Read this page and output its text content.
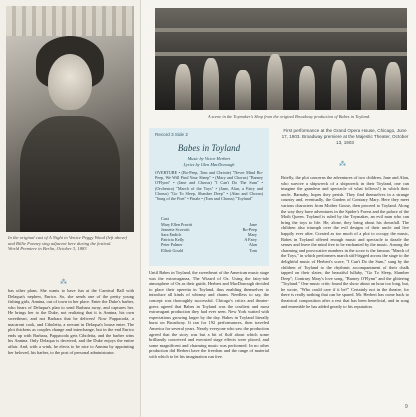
In the original cast of A Night in Venice Peggy Wood (left above) and Billie Fonney sing adjacent here during the festival.
World Premiere in Berlin, October 3, 1883
⁂
has other plans. She wants to have fun at the Carnival Ball with Delaqua's nephew, Enrico. So, she sends one of the pretty young fishing girls, Annina, out of town in her place. Enter the Duke's barber, who hears of Delaqua's plan to send Barbara away, and captures her. He brings her to the Duke, not realizing that it is Annina, his own sweetheart, and not Barbara that he delivers! Now Pappacoda, a macaroni cook, and Ciboletta, a servant in Delaqua's house enter. The plot thickens as couples change and interchange, but in the end Enrico ends up with Barbara, Pappacoda gets Ciboletta, and the barber wins his Annina. Only Delaqua is deceived, and the Duke enjoys the entire affair. And, with a wink, he elects to be nice to Annina by appointing her beloved, his barber, to the post of personal administrator.
A scene in the Toymaker's Shop from the original Broadway production of Babes in Toyland.
Record 3 Side 2
Babes in Toyland
Music by Victor Herbert
Lyrics by Glen MacDonough
OVERTURE • (Bo-Peep, Tom and Christie) "Never Mind Bo-Peep, We Will Find Your Sheep" • (Mary and Chorus) "Barney O'Flynn" • (Jane and Chorus) "I Can't Do The Sum" • (Orchestra) "March of the Toys" • (Jane, Alan, a Fairy and Chorus) "Go To Sleep, Slumber Deep" • (Alan and Chorus) "Song of the Poet" • Finale • (Tom and Chorus) "Toyland"
Cast
Mary Ellen Pravitt	Jane
Jeanette Scovotti	Bo-Peep
Sara Endich	Mary
Patricia Kelly	A Fairy
Peter Palmer	Alan
Elliott Gould	Tom
Until Babes in Toyland, the sweetheart of the American music stage was the extravaganza, The Wizard of Oz. Using the fairy-tale atmosphere of Oz as their guide, Herbert and MacDonough decided to place their operetta in Toyland, thus enabling themselves to introduce all kinds of whimsy and charm. Needless to say, the concept was thoroughly successful. Chicago's critics and theater-goers agreed that Babes in Toyland was the costliest and most extravagant production they had ever seen. New York waited with expectations growing larger by the day. Babes in Toyland literally burst on Broadway. It ran for 192 performances, then traveled America for several years. Nearly everyone who saw the production agreed that the story was but a bit of fluff about which some brilliantly conceived and executed stage effects were placed, and some magnificent and charming music was performed. In no other production did Herbert have the freedom and the range of material with which to let his imagination run free.
First performance at the Grand Opera House, Chicago, June 17, 1903. Broadway premiere at the Majestic Theater, October 13, 1903
⁂
Briefly, the plot concerns the adventures of two children, Jane and Alan, who survive a shipwreck of a shipwreck in their Toyland, one can imagine the grandeur and spectacle of what follows!) in which their uncle, Barnaby, hopes they perish. They find themselves in a strange country and, eventually, the Garden of Contrary Mary. Here they meet various characters from Mother Goose, then proceed to Toyland. Along the way they have adventures in the Spider's Forest and the palace of the Moth Queen. Toyland is ruled by the Toymaker, an evil man who can bring the toys to life. He, alone, they bring about his downfall. The children also triumph over the evil designs of their uncle and live happily ever after. Created as too much of a plot to occupy the music, Babes in Toyland offered enough music and spectacle to dazzle the senses and leave the mind free to be enchanted by the music. Among the charming and provocative numbers in the score is the famous "March of the Toys," in which performers march stiff-legged across the stage to the delightful music of Herbert's score, "I Can't Do the Sum," sung by the children of Toyland to the rhythmic accompaniment of their chalk tapped on their slates; the beautiful lullaby, "Go To Sleep, Slumber Deep"; Contrary Mary's love song, "Barney O'Flynn" and the glittering "Toyland." One music critic found the show about an hour too long, but, he wrote, "Who could care if it be?" Certainly not in the theatre, for there is really nothing that can be spared. Mr. Herbert has come back to theatrical composition after a rest that has been beneficial, and in song and ensemble he has added greatly to his reputation.
9
